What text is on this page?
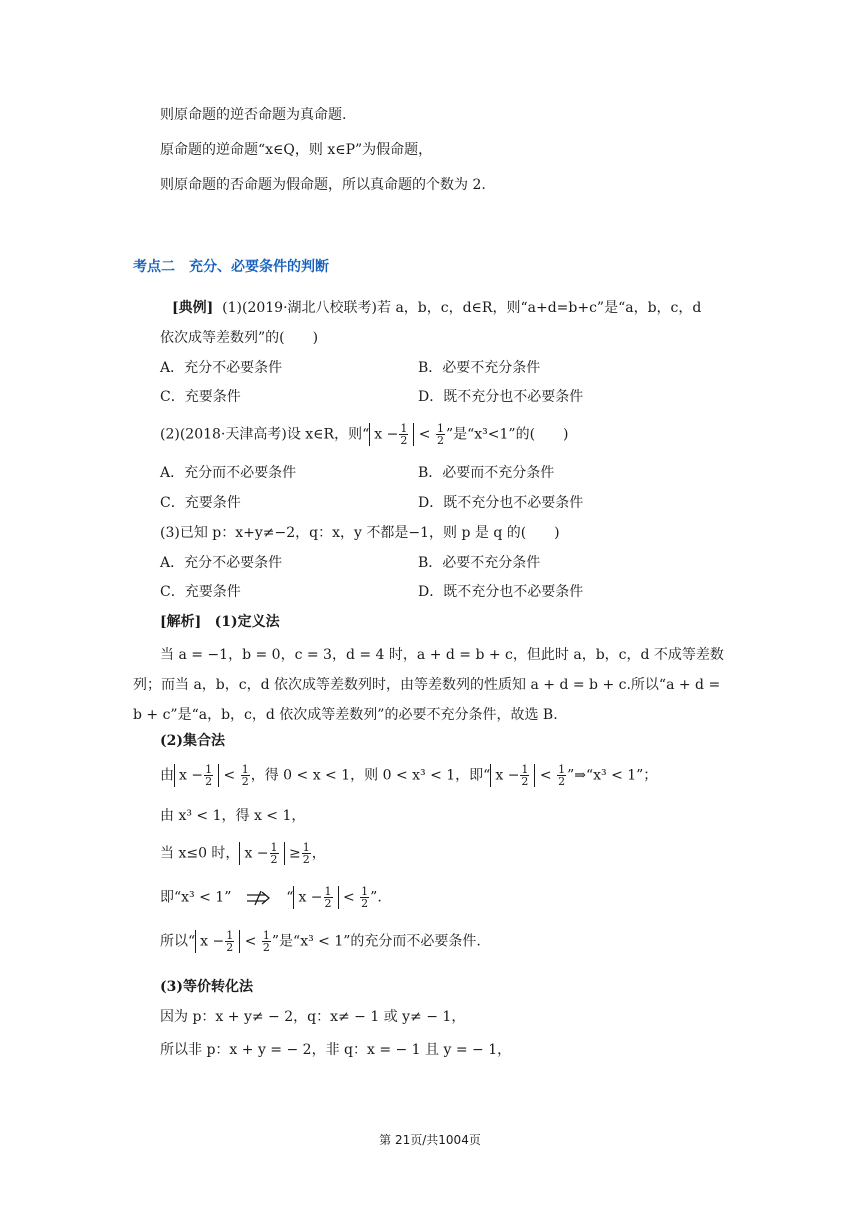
则原命题的逆否命题为真命题.
原命题的逆命题“x∈Q，则 x∈P”为假命题，
则原命题的否命题为假命题，所以真命题的个数为 2.
考点二　充分、必要条件的判断
[典例] (1)(2019·湖北八校联考)若 a，b，c，d∈R，则“a+d=b+c”是“a，b，c，d
依次成等差数列”的(　　)
A．充分不必要条件	B．必要不充分条件
C．充要条件	D．既不充分也不必要条件
(2)(2018·天津高考)设 x∈R，则“ $x - \frac{1}{2} < \frac{1}{2}$ ”是“x³<1”的(　　)
A．充分而不必要条件	B．必要而不充分条件
C．充要条件	D．既不充分也不必要条件
(3)已知 p：x+y≠−2，q：x，y 不都是−1，则 p 是 q 的(　　)
A．充分不必要条件	B．必要不充分条件
C．充要条件	D．既不充分也不必要条件
[解析] (1)定义法
当 a = −1，b = 0，c = 3，d = 4 时，a + d = b + c，但此时 a，b，c，d 不成等差数列；而当 a，b，c，d 依次成等差数列时，由等差数列的性质知 a + d = b + c.所以“a + d = b + c”是“a，b，c，d 依次成等差数列”的必要不充分条件，故选 B.
(2)集合法
由 $x - \frac{1}{2} < \frac{1}{2}$ ，得 0 < x < 1，则 0 < x³ < 1，即“ $x - \frac{1}{2} < \frac{1}{2}$ ”⇒“x³ < 1”；
由 x³ < 1，得 x < 1，
当 x≤0 时， $x - \frac{1}{2} \ge \frac{1}{2}$ ，
即“x³ < 1”	“ $x - \frac{1}{2} < \frac{1}{2}$ ”.
所以“ $x - \frac{1}{2} < \frac{1}{2}$ ”是“x³ < 1”的充分而不必要条件.
(3)等价转化法
因为 p：x + y≠ − 2，q：x≠ − 1 或 y≠ − 1，
所以非 p：x + y = − 2，非 q：x = − 1 且 y = − 1，
第 21页/共1004页
